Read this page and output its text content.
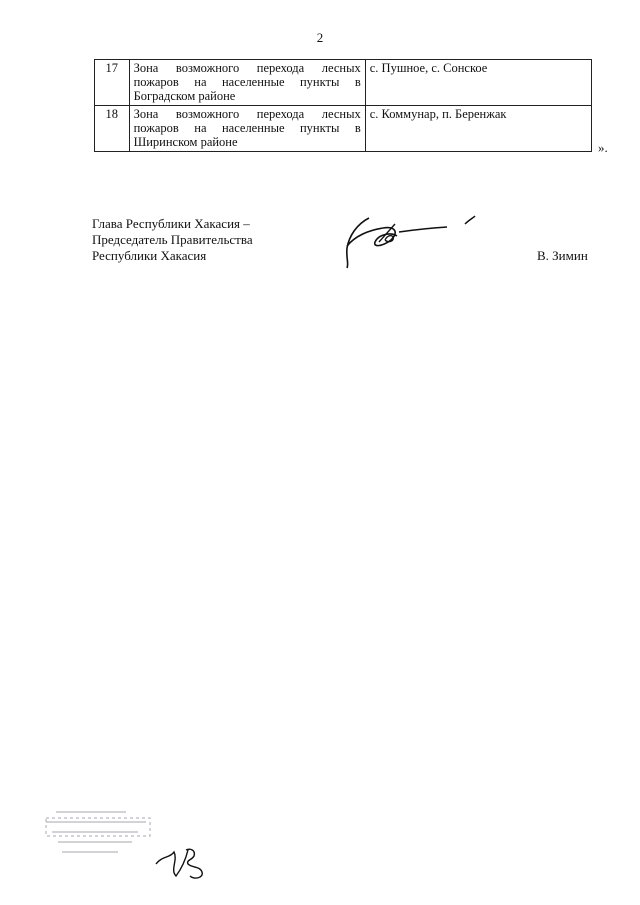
2
17	Зона возможного перехода лесных пожаров на населенные пункты в Боградском районе	с. Пушное, с. Сонское
18	Зона возможного перехода лесных пожаров на населенные пункты в Ширинском районе	с. Коммунар, п. Беренжак
».
Глава Республики Хакасия –
Председатель Правительства
Республики Хакасия	В. Зимин
